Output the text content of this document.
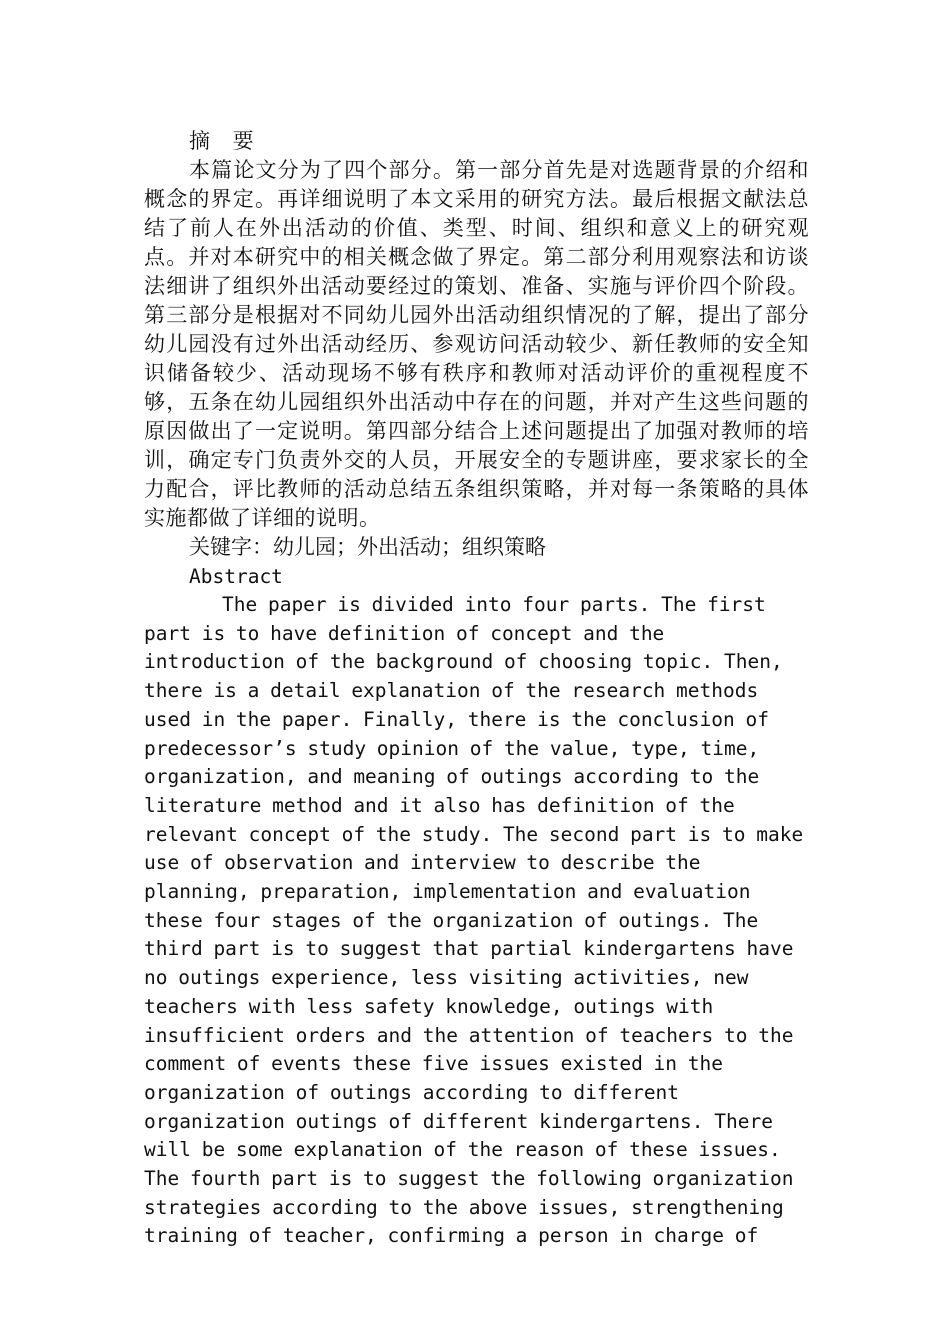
摘 要

本篇论文分为了四个部分。第一部分首先是对选题背景的介绍和概念的界定。再详细说明了本文采用的研究方法。最后根据文献法总结了前人在外出活动的价值、类型、时间、组织和意义上的研究观点。并对本研究中的相关概念做了界定。第二部分利用观察法和访谈法细讲了组织外出活动要经过的策划、准备、实施与评价四个阶段。第三部分是根据对不同幼儿园外出活动组织情况的了解，提出了部分幼儿园没有过外出活动经历、参观访问活动较少、新任教师的安全知识储备较少、活动现场不够有秩序和教师对活动评价的重视程度不够，五条在幼儿园组织外出活动中存在的问题，并对产生这些问题的原因做出了一定说明。第四部分结合上述问题提出了加强对教师的培训，确定专门负责外交的人员，开展安全的专题讲座，要求家长的全力配合，评比教师的活动总结五条组织策略，并对每一条策略的具体实施都做了详细的说明。

关键字：幼儿园；外出活动；组织策略

Abstract

The paper is divided into four parts. The first part is to have definition of concept and the introduction of the background of choosing topic. Then, there is a detail explanation of the research methods used in the paper. Finally, there is the conclusion of predecessor’s study opinion of the value, type, time, organization, and meaning of outings according to the literature method and it also has definition of the relevant concept of the study. The second part is to make use of observation and interview to describe the planning, preparation, implementation and evaluation these four stages of the organization of outings. The third part is to suggest that partial kindergartens have no outings experience, less visiting activities, new teachers with less safety knowledge, outings with insufficient orders and the attention of teachers to the comment of events these five issues existed in the organization of outings according to different organization outings of different kindergartens. There will be some explanation of the reason of these issues. The fourth part is to suggest the following organization strategies according to the above issues, strengthening training of teacher, confirming a person in charge of
